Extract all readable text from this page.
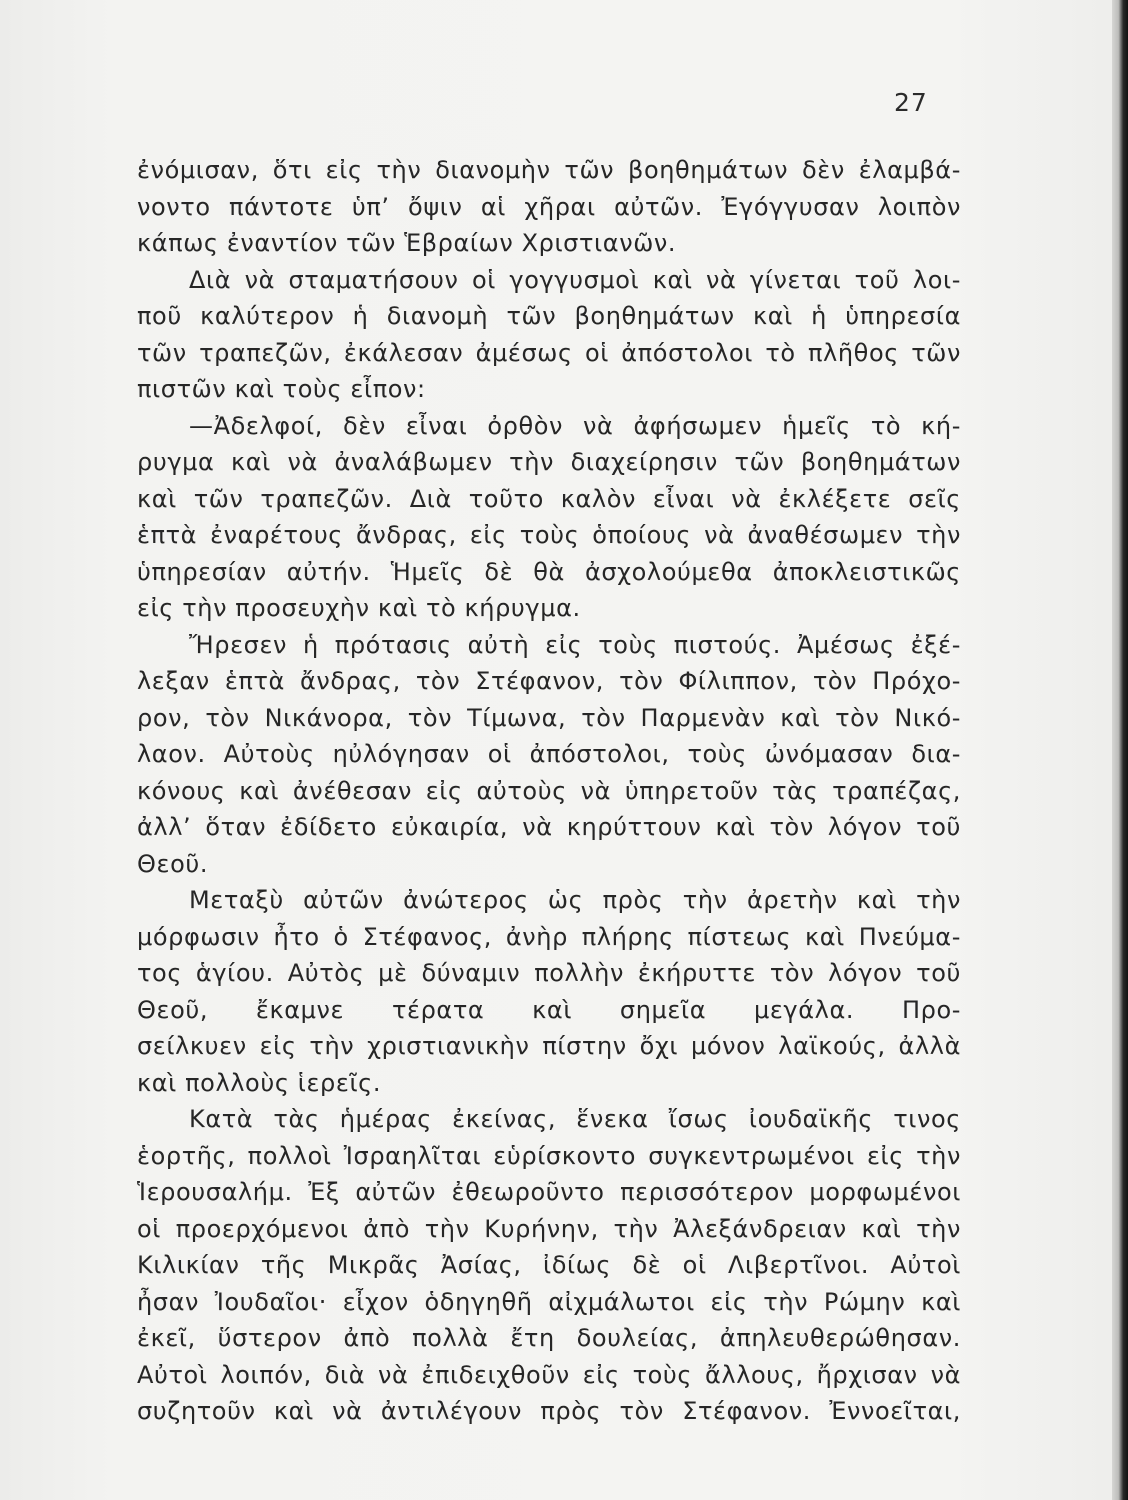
27
ἐνόμισαν, ὅτι εἰς τὴν διανομὴν τῶν βοηθημάτων δὲν ἐλαμβά-
νοντο πάντοτε ὑπ’ ὄψιν αἱ χῆραι αὐτῶν. Ἐγόγγυσαν λοιπὸν
κάπως ἐναντίον τῶν Ἑβραίων Χριστιανῶν.
Διὰ νὰ σταματήσουν οἱ γογγυσμοὶ καὶ νὰ γίνεται τοῦ λοι-
ποῦ καλύτερον ἡ διανομὴ τῶν βοηθημάτων καὶ ἡ ὑπηρεσία
τῶν τραπεζῶν, ἐκάλεσαν ἀμέσως οἱ ἀπόστολοι τὸ πλῆθος τῶν
πιστῶν καὶ τοὺς εἶπον:
—Ἀδελφοί, δὲν εἶναι ὀρθὸν νὰ ἀφήσωμεν ἡμεῖς τὸ κή-
ρυγμα καὶ νὰ ἀναλάβωμεν τὴν διαχείρησιν τῶν βοηθημάτων
καὶ τῶν τραπεζῶν. Διὰ τοῦτο καλὸν εἶναι νὰ ἐκλέξετε σεῖς
ἑπτὰ ἐναρέτους ἄνδρας, εἰς τοὺς ὁποίους νὰ ἀναθέσωμεν τὴν
ὑπηρεσίαν αὐτήν. Ἡμεῖς δὲ θὰ ἀσχολούμεθα ἀποκλειστικῶς
εἰς τὴν προσευχὴν καὶ τὸ κήρυγμα.
Ἤρεσεν ἡ πρότασις αὐτὴ εἰς τοὺς πιστούς. Ἀμέσως ἐξέ-
λεξαν ἑπτὰ ἄνδρας, τὸν Στέφανον, τὸν Φίλιππον, τὸν Πρόχο-
ρον, τὸν Νικάνορα, τὸν Τίμωνα, τὸν Παρμενὰν καὶ τὸν Νικό-
λαον. Αὐτοὺς ηὐλόγησαν οἱ ἀπόστολοι, τοὺς ὠνόμασαν δια-
κόνους καὶ ἀνέθεσαν εἰς αὐτοὺς νὰ ὑπηρετοῦν τὰς τραπέζας,
ἀλλ’ ὅταν ἐδίδετο εὐκαιρία, νὰ κηρύττουν καὶ τὸν λόγον τοῦ
Θεοῦ.
Μεταξὺ αὐτῶν ἀνώτερος ὡς πρὸς τὴν ἀρετὴν καὶ τὴν
μόρφωσιν ἦτο ὁ Στέφανος, ἀνὴρ πλήρης πίστεως καὶ Πνεύμα-
τος ἁγίου. Αὐτὸς μὲ δύναμιν πολλὴν ἐκήρυττε τὸν λόγον τοῦ
Θεοῦ, ἔκαμνε τέρατα καὶ σημεῖα μεγάλα. Προ-
σείλκυεν εἰς τὴν χριστιανικὴν πίστην ὄχι μόνον λαϊκούς, ἀλλὰ
καὶ πολλοὺς ἱερεῖς.
Κατὰ τὰς ἡμέρας ἐκείνας, ἕνεκα ἴσως ἰουδαϊκῆς τινος
ἑορτῆς, πολλοὶ Ἰσραηλῖται εὑρίσκοντο συγκεντρωμένοι εἰς τὴν
Ἱερουσαλήμ. Ἐξ αὐτῶν ἐθεωροῦντο περισσότερον μορφωμένοι
οἱ προερχόμενοι ἀπὸ τὴν Κυρήνην, τὴν Ἀλεξάνδρειαν καὶ τὴν
Κιλικίαν τῆς Μικρᾶς Ἀσίας, ἰδίως δὲ οἱ Λιβερτῖνοι. Αὐτοὶ
ἦσαν Ἰουδαῖοι· εἶχον ὁδηγηθῆ αἰχμάλωτοι εἰς τὴν Ρώμην καὶ
ἐκεῖ, ὕστερον ἀπὸ πολλὰ ἔτη δουλείας, ἀπηλευθερώθησαν.
Αὐτοὶ λοιπόν, διὰ νὰ ἐπιδειχθοῦν εἰς τοὺς ἄλλους, ἤρχισαν νὰ
συζητοῦν καὶ νὰ ἀντιλέγουν πρὸς τὸν Στέφανον. Ἐννοεῖται,
